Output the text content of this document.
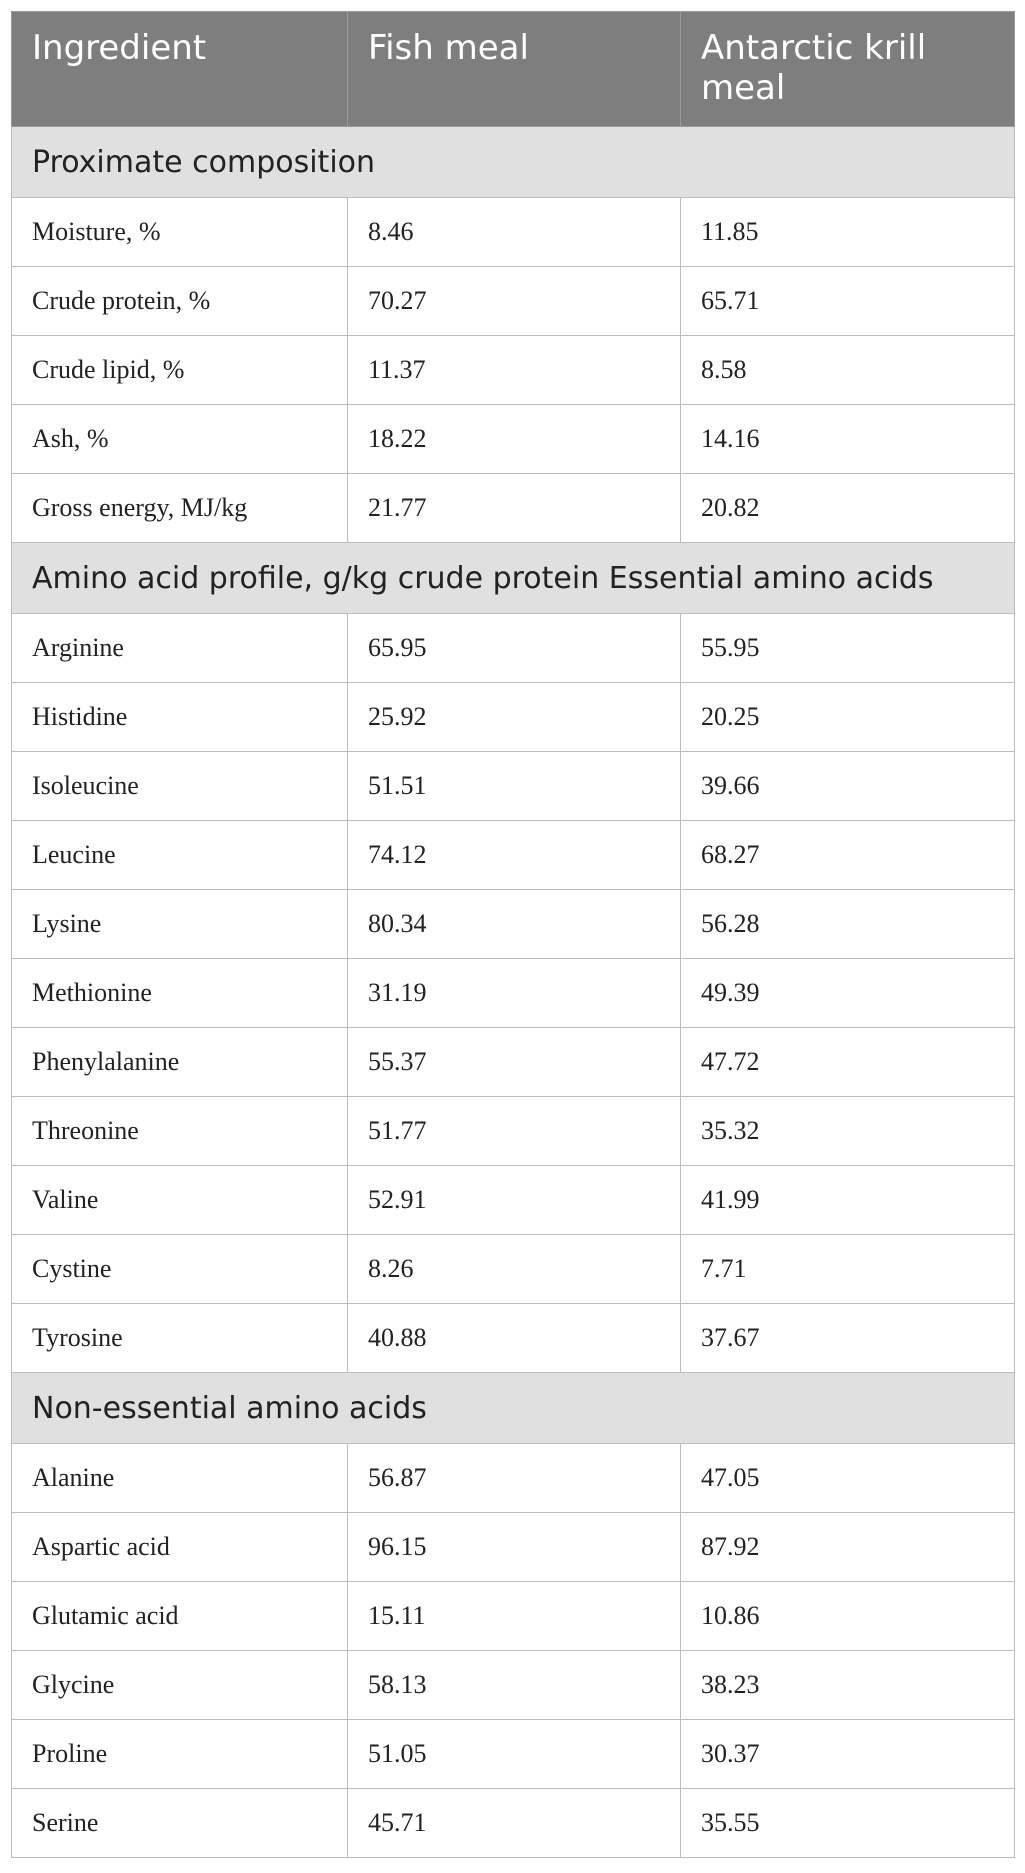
Ingredient	Fish meal	Antarctic krill meal
Proximate composition		
Moisture, %	8.46	11.85
Crude protein, %	70.27	65.71
Crude lipid, %	11.37	8.58
Ash, %	18.22	14.16
Gross energy, MJ/kg	21.77	20.82
Amino acid profile, g/kg crude protein Essential amino acids		
Arginine	65.95	55.95
Histidine	25.92	20.25
Isoleucine	51.51	39.66
Leucine	74.12	68.27
Lysine	80.34	56.28
Methionine	31.19	49.39
Phenylalanine	55.37	47.72
Threonine	51.77	35.32
Valine	52.91	41.99
Cystine	8.26	7.71
Tyrosine	40.88	37.67
Non-essential amino acids		
Alanine	56.87	47.05
Aspartic acid	96.15	87.92
Glutamic acid	15.11	10.86
Glycine	58.13	38.23
Proline	51.05	30.37
Serine	45.71	35.55
